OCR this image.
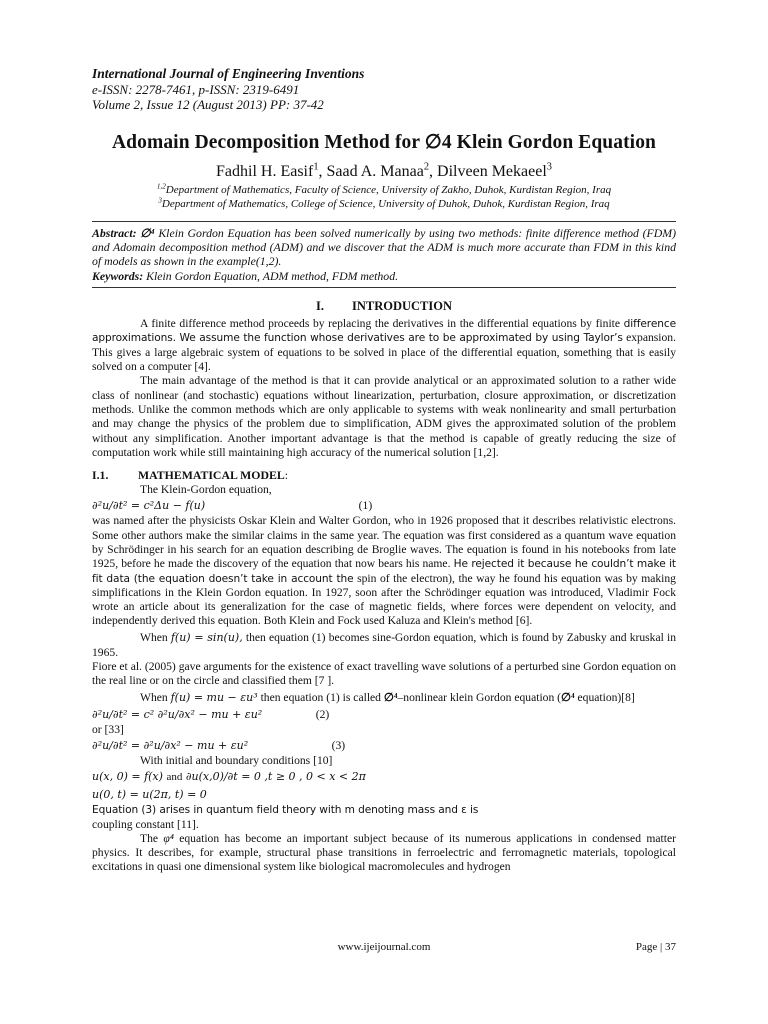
International Journal of Engineering Inventions
e-ISSN: 2278-7461, p-ISSN: 2319-6491
Volume 2, Issue 12 (August 2013) PP: 37-42
Adomain Decomposition Method for ∅4 Klein Gordon Equation
Fadhil H. Easif$^1$, Saad A. Manaa$^2$, Dilveen Mekaeel$^3$
$^{1,2}$Department of Mathematics, Faculty of Science, University of Zakho, Duhok, Kurdistan Region, Iraq
$^3$Department of Mathematics, College of Science, University of Duhok, Duhok, Kurdistan Region, Iraq
Abstract: ∅⁴ Klein Gordon Equation has been solved numerically by using two methods: finite difference method (FDM) and Adomain decomposition method (ADM) and we discover that the ADM is much more accurate than FDM in this kind of models as shown in the example(1,2).
Keywords: Klein Gordon Equation, ADM method, FDM method.
I. INTRODUCTION

A finite difference method proceeds by replacing the derivatives in the differential equations by finite difference approximations. We assume the function whose derivatives are to be approximated by using Taylor’s expansion. This gives a large algebraic system of equations to be solved in place of the differential equation, something that is easily solved on a computer [4].

The main advantage of the method is that it can provide analytical or an approximated solution to a rather wide class of nonlinear (and stochastic) equations without linearization, perturbation, closure approximation, or discretization methods. Unlike the common methods which are only applicable to systems with weak nonlinearity and small perturbation and may change the physics of the problem due to simplification, ADM gives the approximated solution of the problem without any simplification. Another important advantage is that the method is capable of greatly reducing the size of computation work while still maintaining high accuracy of the numerical solution [1,2].

I.1.	MATHEMATICAL MODEL:

The Klein-Gordon equation,

∂²u/∂t² = c²Δu − f(u)	(1)

was named after the physicists Oskar Klein and Walter Gordon, who in 1926 proposed that it describes relativistic electrons. Some other authors make the similar claims in the same year. The equation was first considered as a quantum wave equation by Schrödinger in his search for an equation describing de Broglie waves. The equation is found in his notebooks from late 1925, before he made the discovery of the equation that now bears his name. He rejected it because he couldn’t make it fit data (the equation doesn’t take in account the spin of the electron), the way he found his equation was by making simplifications in the Klein Gordon equation. In 1927, soon after the Schrödinger equation was introduced, Vladimir Fock wrote an article about its generalization for the case of magnetic fields, where forces were dependent on velocity, and independently derived this equation. Both Klein and Fock used Kaluza and Klein's method [6].

When f(u) = sin(u), then equation (1) becomes sine-Gordon equation, which is found by Zabusky and kruskal in 1965.

Fiore et al. (2005) gave arguments for the existence of exact travelling wave solutions of a perturbed sine Gordon equation on the real line or on the circle and classified them [7 ].

When f(u) = mu − εu³ then equation (1) is called ∅⁴–nonlinear klein Gordon equation (∅⁴ equation)[8]

∂²u/∂t² = c² ∂²u/∂x² − mu + εu²	(2)

or [33]

∂²u/∂t² = ∂²u/∂x² − mu + εu²	(3)

With initial and boundary conditions [10]

u(x, 0) = f(x) and ∂u(x,0)/∂t = 0 ,t ≥ 0 , 0 < x < 2π
u(0, t) = u(2π, t) = 0

Equation (3) arises in quantum field theory with m denoting mass and ε is
coupling constant [11].

The φ⁴ equation has become an important subject because of its numerous applications in condensed matter physics. It describes, for example, structural phase transitions in ferroelectric and ferromagnetic materials, topological excitations in quasi one dimensional system like biological macromolecules and hydrogen

www.ijeijournal.com	Page | 37
